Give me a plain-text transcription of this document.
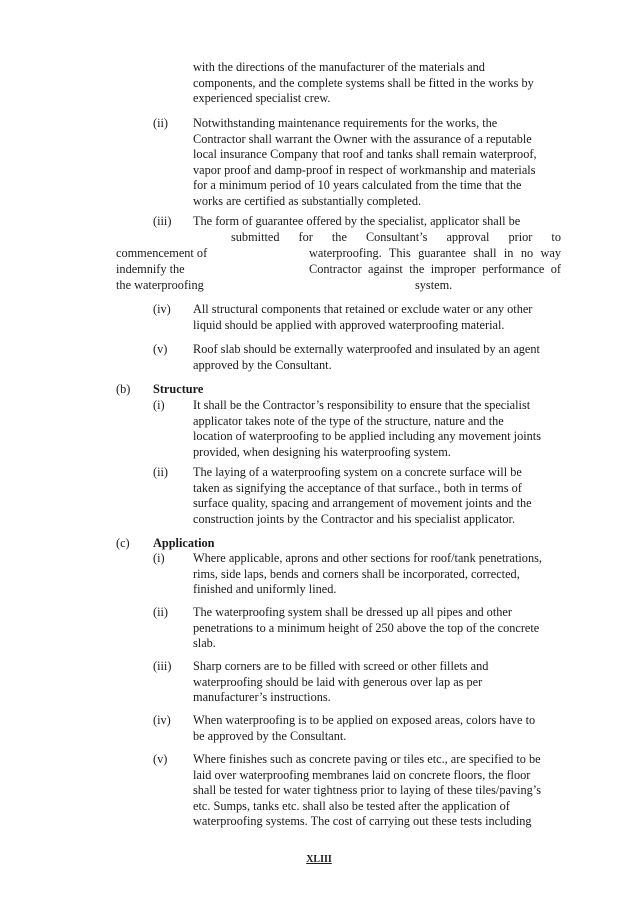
with the directions of the manufacturer of the materials and

components, and the complete systems shall be fitted in the works by

experienced specialist crew.

(ii) Notwithstanding maintenance requirements for the works, the

Contractor shall warrant the Owner with the assurance of a reputable

local insurance Company that roof and tanks shall remain waterproof,

vapor proof and damp-proof in respect of workmanship and materials

for a minimum period of 10 years calculated from the time that the

works are certified as substantially completed.

(iii) The form of guarantee offered by the specialist, applicator shall be
submitted for the Consultant’s approval prior to
commencement of	waterproofing. This guarantee shall in no way
indemnify the	Contractor against the improper performance of
the waterproofing	system.
(iv) All structural components that retained or exclude water or any other

liquid should be applied with approved waterproofing material.

(v) Roof slab should be externally waterproofed and insulated by an agent

approved by the Consultant.

(b) Structure
(i) It shall be the Contractor’s responsibility to ensure that the specialist

applicator takes note of the type of the structure, nature and the

location of waterproofing to be applied including any movement joints

provided, when designing his waterproofing system.

(ii) The laying of a waterproofing system on a concrete surface will be

taken as signifying the acceptance of that surface., both in terms of

surface quality, spacing and arrangement of movement joints and the

construction joints by the Contractor and his specialist applicator.

(c) Application
(i) Where applicable, aprons and other sections for roof/tank penetrations,

rims, side laps, bends and corners shall be incorporated, corrected,

finished and uniformly lined.

(ii) The waterproofing system shall be dressed up all pipes and other

penetrations to a minimum height of 250 above the top of the concrete

slab.

(iii) Sharp corners are to be filled with screed or other fillets and

waterproofing should be laid with generous over lap as per

manufacturer’s instructions.

(iv) When waterproofing is to be applied on exposed areas, colors have to

be approved by the Consultant.

(v) Where finishes such as concrete paving or tiles etc., are specified to be

laid over waterproofing membranes laid on concrete floors, the floor

shall be tested for water tightness prior to laying of these tiles/paving’s

etc. Sumps, tanks etc. shall also be tested after the application of

waterproofing systems. The cost of carrying out these tests including

XLIII
